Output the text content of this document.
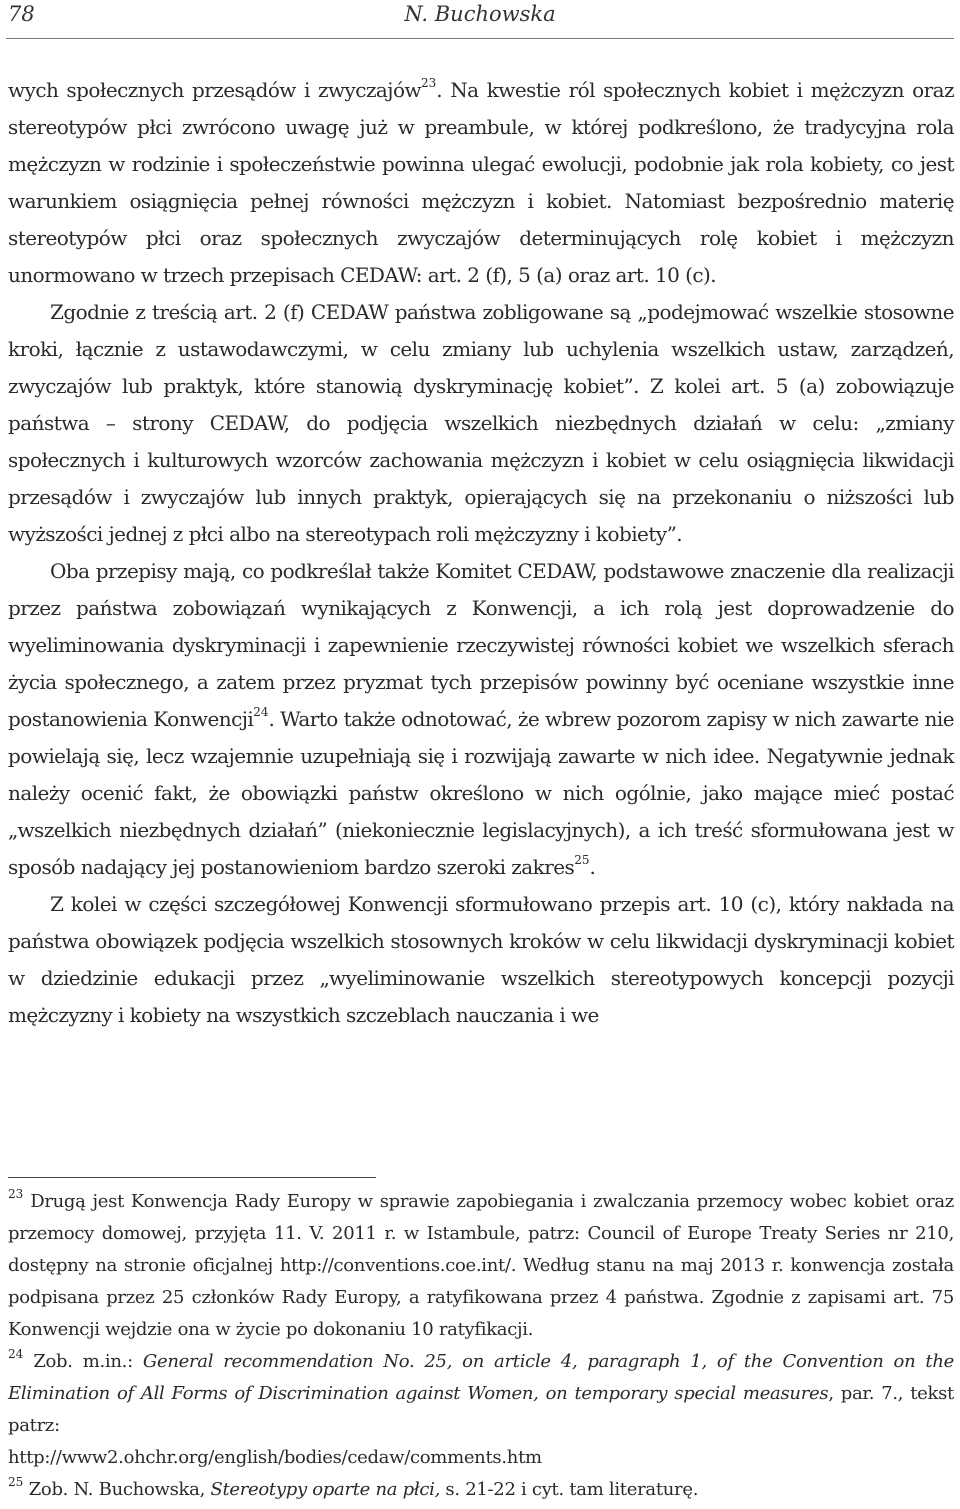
78	N. Buchowska

wych społecznych przesądów i zwyczajów$^{23}$. Na kwestie ról społecznych kobiet i mężczyzn oraz stereotypów płci zwrócono uwagę już w preambule, w której podkreślono, że tradycyjna rola mężczyzn w rodzinie i społeczeństwie powinna ulegać ewolucji, podobnie jak rola kobiety, co jest warunkiem osiągnięcia pełnej równości mężczyzn i kobiet. Natomiast bezpośrednio materię stereotypów płci oraz społecznych zwyczajów determinujących rolę kobiet i mężczyzn unormowano w trzech przepisach CEDAW: art. 2 (f), 5 (a) oraz art. 10 (c).

Zgodnie z treścią art. 2 (f) CEDAW państwa zobligowane są „podejmować wszelkie stosowne kroki, łącznie z ustawodawczymi, w celu zmiany lub uchylenia wszelkich ustaw, zarządzeń, zwyczajów lub praktyk, które stanowią dyskryminację kobiet”. Z kolei art. 5 (a) zobowiązuje państwa – strony CEDAW, do podjęcia wszelkich niezbędnych działań w celu: „zmiany społecznych i kulturowych wzorców zachowania mężczyzn i kobiet w celu osiągnięcia likwidacji przesądów i zwyczajów lub innych praktyk, opierających się na przekonaniu o niższości lub wyższości jednej z płci albo na stereotypach roli mężczyzny i kobiety”.

Oba przepisy mają, co podkreślał także Komitet CEDAW, podstawowe znaczenie dla realizacji przez państwa zobowiązań wynikających z Konwencji, a ich rolą jest doprowadzenie do wyeliminowania dyskryminacji i zapewnienie rzeczywistej równości kobiet we wszelkich sferach życia społecznego, a zatem przez pryzmat tych przepisów powinny być oceniane wszystkie inne postanowienia Konwencji$^{24}$. Warto także odnotować, że wbrew pozorom zapisy w nich zawarte nie powielają się, lecz wzajemnie uzupełniają się i rozwijają zawarte w nich idee. Negatywnie jednak należy ocenić fakt, że obowiązki państw określono w nich ogólnie, jako mające mieć postać „wszelkich niezbędnych działań” (niekoniecznie legislacyjnych), a ich treść sformułowana jest w sposób nadający jej postanowieniom bardzo szeroki zakres$^{25}$.

Z kolei w części szczegółowej Konwencji sformułowano przepis art. 10 (c), który nakłada na państwa obowiązek podjęcia wszelkich stosownych kroków w celu likwidacji dyskryminacji kobiet w dziedzinie edukacji przez „wyeliminowanie wszelkich stereotypowych koncepcji pozycji mężczyzny i kobiety na wszystkich szczeblach nauczania i we

$^{23}$ Drugą jest Konwencja Rady Europy w sprawie zapobiegania i zwalczania przemocy wobec kobiet oraz przemocy domowej, przyjęta 11. V. 2011 r. w Istambule, patrz: Council of Europe Treaty Series nr 210, dostępny na stronie oficjalnej http://conventions.coe.int/. Według stanu na maj 2013 r. konwencja została podpisana przez 25 członków Rady Europy, a ratyfikowana przez 4 państwa. Zgodnie z zapisami art. 75 Konwencji wejdzie ona w życie po dokonaniu 10 ratyfikacji.

$^{24}$ Zob. m.in.: General recommendation No. 25, on article 4, paragraph 1, of the Convention on the Elimination of All Forms of Discrimination against Women, on temporary special measures, par. 7., tekst patrz:
http://www2.ohchr.org/english/bodies/cedaw/comments.htm

$^{25}$ Zob. N. Buchowska, Stereotypy oparte na płci, s. 21-22 i cyt. tam literaturę.
